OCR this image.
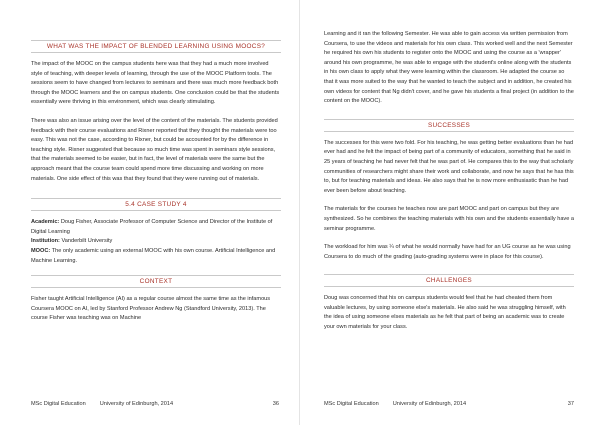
WHAT WAS THE IMPACT OF BLENDED LEARNING USING MOOCS?

The impact of the MOOC on the campus students here was that they had a much more involved style of teaching, with deeper levels of learning, through the use of the MOOC Platform tools. The sessions seem to have changed from lectures to seminars and there was much more feedback both through the MOOC learners and the on campus students. One conclusion could be that the students essentially were thriving in this environment, which was clearly stimulating.

There was also an issue arising over the level of the content of the materials. The students provided feedback with their course evaluations and Rixner reported that they thought the materials were too easy. This was not the case, according to Rixner, but could be accounted for by the difference in teaching style. Rixner suggested that because so much time was spent in seminars style sessions, that the materials seemed to be easier, but in fact, the level of materials were the same but the approach meant that the course team could spend more time discussing and working on more materials. One side effect of this was that they found that they were running out of materials.

5.4 CASE STUDY 4

Academic: Doug Fisher, Associate Professor of Computer Science and Director of the Institute of Digital Learning

Institution: Vanderbilt University

MOOC: The only academic using an external MOOC with his own course. Artificial Intelligence and Machine Learning.

CONTEXT

Fisher taught Artificial Intelligence (AI) as a regular course almost the same time as the infamous Coursera MOOC on AI, led by Stanford Professor Andrew Ng (Standford University, 2013). The course Fisher was teaching was on Machine

MSc Digital Education	University of Edinburgh, 2014	36

Learning and it ran the following Semester. He was able to gain access via written permission from Coursera, to use the videos and materials for his own class. This worked well and the next Semester he required his own his students to register onto the MOOC and using the course as a 'wrapper' around his own programme, he was able to engage with the student's online along with the students in his own class to apply what they were learning within the classroom. He adapted the course so that it was more suited to the way that he wanted to teach the subject and in addition, he created his own videos for content that Ng didn't cover, and he gave his students a final project (in addition to the content on the MOOC).

SUCCESSES

The successes for this were two fold. For his teaching, he was getting better evaluations than he had ever had and he felt the impact of being part of a community of educators, something that he said in 25 years of teaching he had never felt that he was part of. He compares this to the way that scholarly communities of researchers might share their work and collaborate, and now he says that he has this to, but for teaching materials and ideas. He also says that he is now more enthusiastic than he had ever been before about teaching.

The materials for the courses he teaches now are part MOOC and part on campus but they are synthesized. So he combines the teaching materials with his own and the students essentially have a seminar programme.

The workload for him was ¼ of what he would normally have had for an UG course as he was using Coursera to do much of the grading (auto-grading systems were in place for this course).

CHALLENGES

Doug was concerned that his on campus students would feel that he had cheated them from valuable lectures, by using someone else's materials. He also said he was struggling himself, with the idea of using someone elses materials as he felt that part of being an academic was to create your own materials for your class.

MSc Digital Education	University of Edinburgh, 2014	37
